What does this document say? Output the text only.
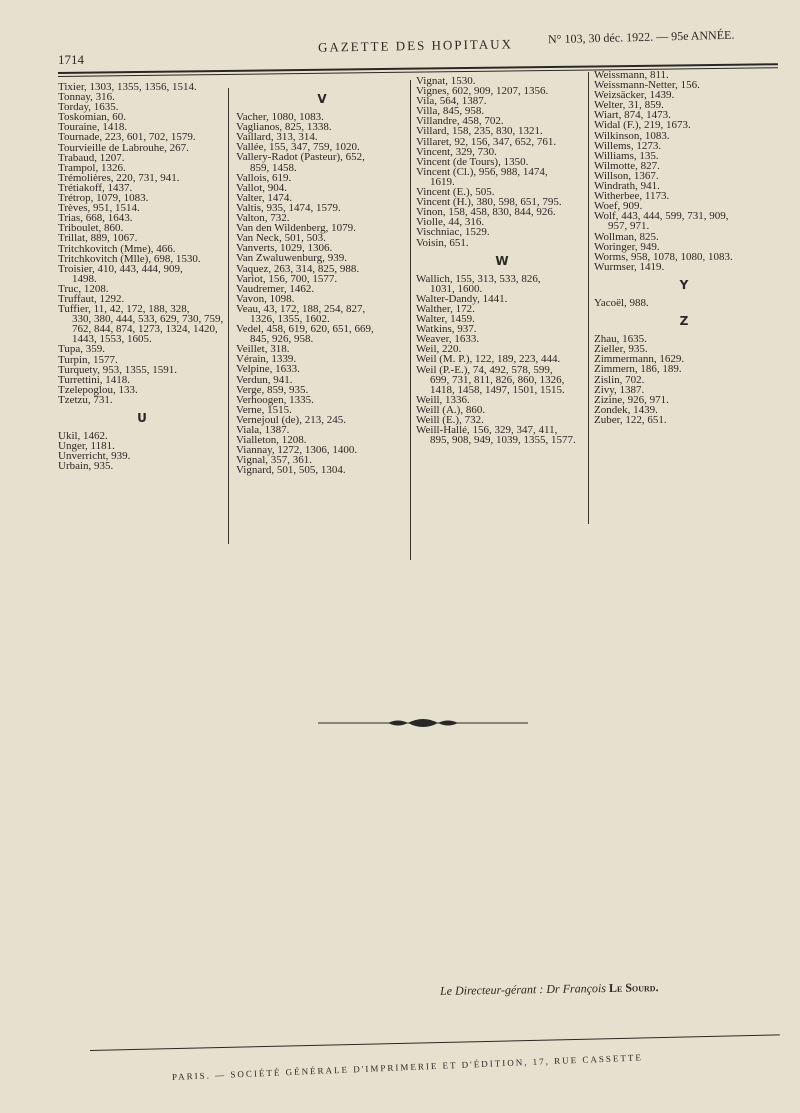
1714
GAZETTE DES HOPITAUX	N° 103, 30 déc. 1922. — 95e ANNÉE.
Tixier, 1303, 1355, 1356, 1514.
Tonnay, 316.
Torday, 1635.
Toskomian, 60.
Touraine, 1418.
Tournade, 223, 601, 702, 1579.
Tourvieille de Labrouhe, 267.
Trabaud, 1207.
Trampol, 1326.
Trémolières, 220, 731, 941.
Trétiakoff, 1437.
Trétrop, 1079, 1083.
Trèves, 951, 1514.
Trias, 668, 1643.
Triboulet, 860.
Trillat, 889, 1067.
Tritchkovitch (Mme), 466.
Tritchkovitch (Mlle), 698, 1530.
Troisier, 410, 443, 444, 909,
1498.
Truc, 1208.
Truffaut, 1292.
Tuffier, 11, 42, 172, 188, 328,
330, 380, 444, 533, 629, 730, 759, 762, 844, 874, 1273, 1324, 1420, 1443, 1553, 1605.
Tupa, 359.
Turpin, 1577.
Turquety, 953, 1355, 1591.
Turrettini, 1418.
Tzelepoglou, 133.
Tzetzu, 731.
U
Ukil, 1462.
Unger, 1181.
Unverricht, 939.
Urbain, 935.
V
Vacher, 1080, 1083.
Vaglianos, 825, 1338.
Vaillard, 313, 314.
Vallée, 155, 347, 759, 1020.
Vallery-Radot (Pasteur), 652,
859, 1458.
Vallois, 619.
Vallot, 904.
Valter, 1474.
Valtis, 935, 1474, 1579.
Valton, 732.
Van den Wildenberg, 1079.
Van Neck, 501, 503.
Vanverts, 1029, 1306.
Van Zwaluwenburg, 939.
Vaquez, 263, 314, 825, 988.
Variot, 156, 700, 1577.
Vaudremer, 1462.
Vavon, 1098.
Veau, 43, 172, 188, 254, 827,
1326, 1355, 1602.
Vedel, 458, 619, 620, 651, 669,
845, 926, 958.
Veillet, 318.
Vérain, 1339.
Velpine, 1633.
Verdun, 941.
Verge, 859, 935.
Verhoogen, 1335.
Verne, 1515.
Vernejoul (de), 213, 245.
Viala, 1387.
Vialleton, 1208.
Viannay, 1272, 1306, 1400.
Vignal, 357, 361.
Vignard, 501, 505, 1304.
Vignat, 1530.
Vignes, 602, 909, 1207, 1356.
Vila, 564, 1387.
Villa, 845, 958.
Villandre, 458, 702.
Villard, 158, 235, 830, 1321.
Villaret, 92, 156, 347, 652, 761.
Vincent, 329, 730.
Vincent (de Tours), 1350.
Vincent (Cl.), 956, 988, 1474,
1619.
Vincent (E.), 505.
Vincent (H.), 380, 598, 651, 795.
Vinon, 158, 458, 830, 844, 926.
Violle, 44, 316.
Vischniac, 1529.
Voisin, 651.
W
Wallich, 155, 313, 533, 826,
1031, 1600.
Walter-Dandy, 1441.
Walther, 172.
Walter, 1459.
Watkins, 937.
Weaver, 1633.
Weil, 220.
Weil (M. P.), 122, 189, 223, 444.
Weil (P.-E.), 74, 492, 578, 599,
699, 731, 811, 826, 860, 1326, 1418, 1458, 1497, 1501, 1515.
Weill, 1336.
Weill (A.), 860.
Weill (E.), 732.
Weill-Hallé, 156, 329, 347, 411,
895, 908, 949, 1039, 1355, 1577.
Weissmann, 811.
Weissmann-Netter, 156.
Weizsäcker, 1439.
Welter, 31, 859.
Wiart, 874, 1473.
Widal (F.), 219, 1673.
Wilkinson, 1083.
Willems, 1273.
Williams, 135.
Wilmotte, 827.
Willson, 1367.
Windrath, 941.
Witherbee, 1173.
Woef, 909.
Wolf, 443, 444, 599, 731, 909,
957, 971.
Wollman, 825.
Woringer, 949.
Worms, 958, 1078, 1080, 1083.
Wurmser, 1419.
Y
Yacoël, 988.
Z
Zhau, 1635.
Zieller, 935.
Zimmermann, 1629.
Zimmern, 186, 189.
Zislin, 702.
Zivy, 1387.
Zizine, 926, 971.
Zondek, 1439.
Zuber, 122, 651.
Le Directeur-gérant : Dr François Le Sourd.
PARIS. — SOCIÉTÉ GÉNÉRALE D'IMPRIMERIE ET D'ÉDITION, 17, RUE CASSETTE
